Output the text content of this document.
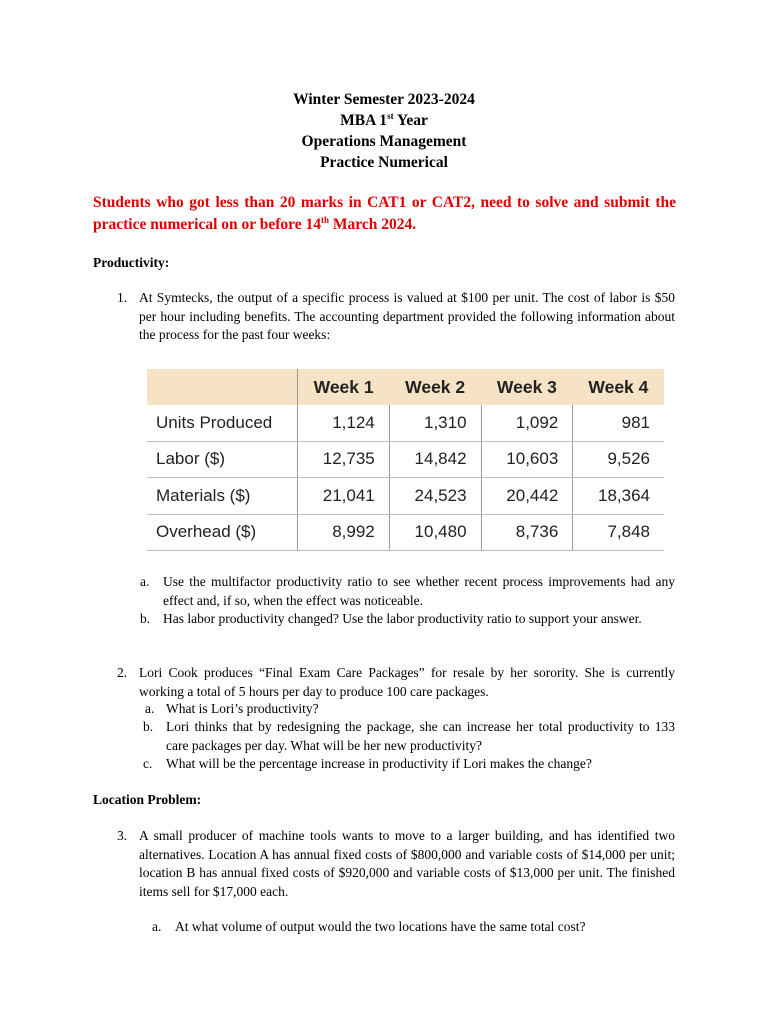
Winter Semester 2023-2024
MBA 1st Year
Operations Management
Practice Numerical
Students who got less than 20 marks in CAT1 or CAT2, need to solve and submit the practice numerical on or before 14th March 2024.
Productivity:
1. At Symtecks, the output of a specific process is valued at $100 per unit. The cost of labor is $50 per hour including benefits. The accounting department provided the following information about the process for the past four weeks:
	Week 1	Week 2	Week 3	Week 4
Units Produced	1,124	1,310	1,092	981
Labor ($)	12,735	14,842	10,603	9,526
Materials ($)	21,041	24,523	20,442	18,364
Overhead ($)	8,992	10,480	8,736	7,848
a. Use the multifactor productivity ratio to see whether recent process improvements had any effect and, if so, when the effect was noticeable.
b. Has labor productivity changed? Use the labor productivity ratio to support your answer.
2. Lori Cook produces “Final Exam Care Packages” for resale by her sorority. She is currently working a total of 5 hours per day to produce 100 care packages.
a. What is Lori’s productivity?
b. Lori thinks that by redesigning the package, she can increase her total productivity to 133 care packages per day. What will be her new productivity?
c. What will be the percentage increase in productivity if Lori makes the change?
Location Problem:
3. A small producer of machine tools wants to move to a larger building, and has identified two alternatives. Location A has annual fixed costs of $800,000 and variable costs of $14,000 per unit; location B has annual fixed costs of $920,000 and variable costs of $13,000 per unit. The finished items sell for $17,000 each.
a. At what volume of output would the two locations have the same total cost?
